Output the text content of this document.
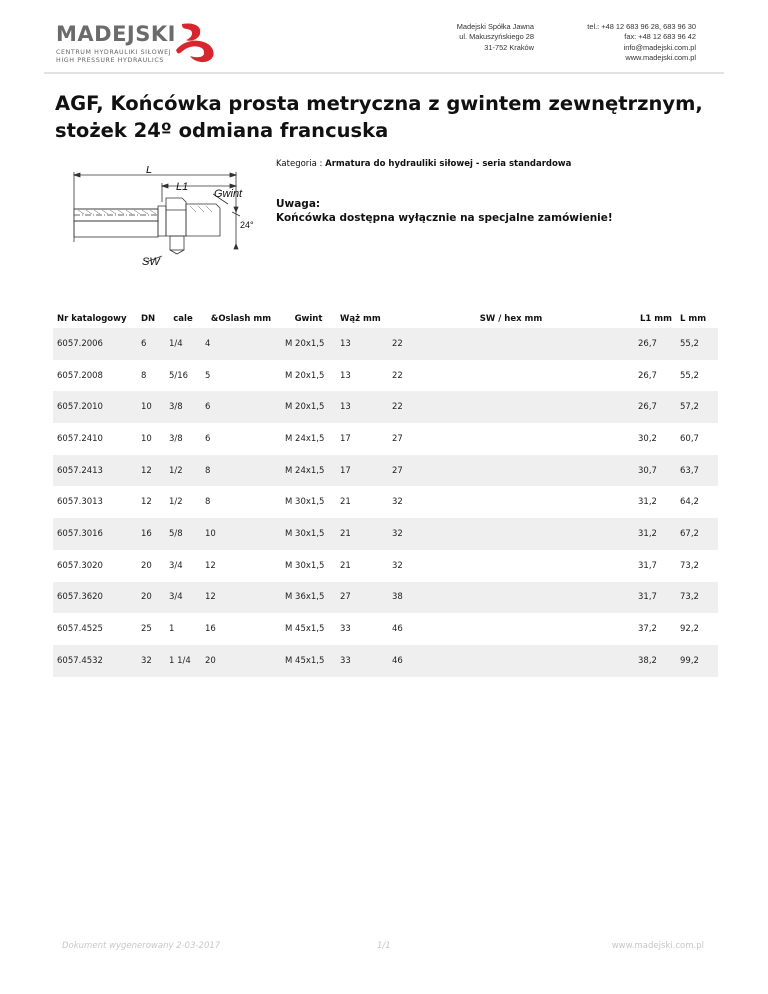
MADEJSKI
CENTRUM HYDRAULIKI SIŁOWEJ
HIGH PRESSURE HYDRAULICS
Madejski Spółka Jawna
ul. Makuszyńskiego 28
31-752 Kraków
tel.: +48 12 683 96 28, 683 96 30
fax: +48 12 683 96 42
info@madejski.com.pl
www.madejski.com.pl
AGF, Końcówka prosta metryczna z gwintem zewnętrznym, stożek 24º odmiana francuska
L
L1
Gwint
24°
SW
Kategoria : Armatura do hydrauliki siłowej - seria standardowa
Uwaga:
Końcówka dostępna wyłącznie na specjalne zamówienie!
Nr katalogowy	DN	cale	&Oslash mm	Gwint	Wąż mm	SW / hex mm	L1 mm	L mm
6057.2006	6	1/4	4	M 20x1,5	13	22	26,7	55,2
6057.2008	8	5/16	5	M 20x1,5	13	22	26,7	55,2
6057.2010	10	3/8	6	M 20x1,5	13	22	26,7	57,2
6057.2410	10	3/8	6	M 24x1,5	17	27	30,2	60,7
6057.2413	12	1/2	8	M 24x1,5	17	27	30,7	63,7
6057.3013	12	1/2	8	M 30x1,5	21	32	31,2	64,2
6057.3016	16	5/8	10	M 30x1,5	21	32	31,2	67,2
6057.3020	20	3/4	12	M 30x1,5	21	32	31,7	73,2
6057.3620	20	3/4	12	M 36x1,5	27	38	31,7	73,2
6057.4525	25	1	16	M 45x1,5	33	46	37,2	92,2
6057.4532	32	1 1/4	20	M 45x1,5	33	46	38,2	99,2
Dokument wygenerowany 2-03-2017	1/1	www.madejski.com.pl
